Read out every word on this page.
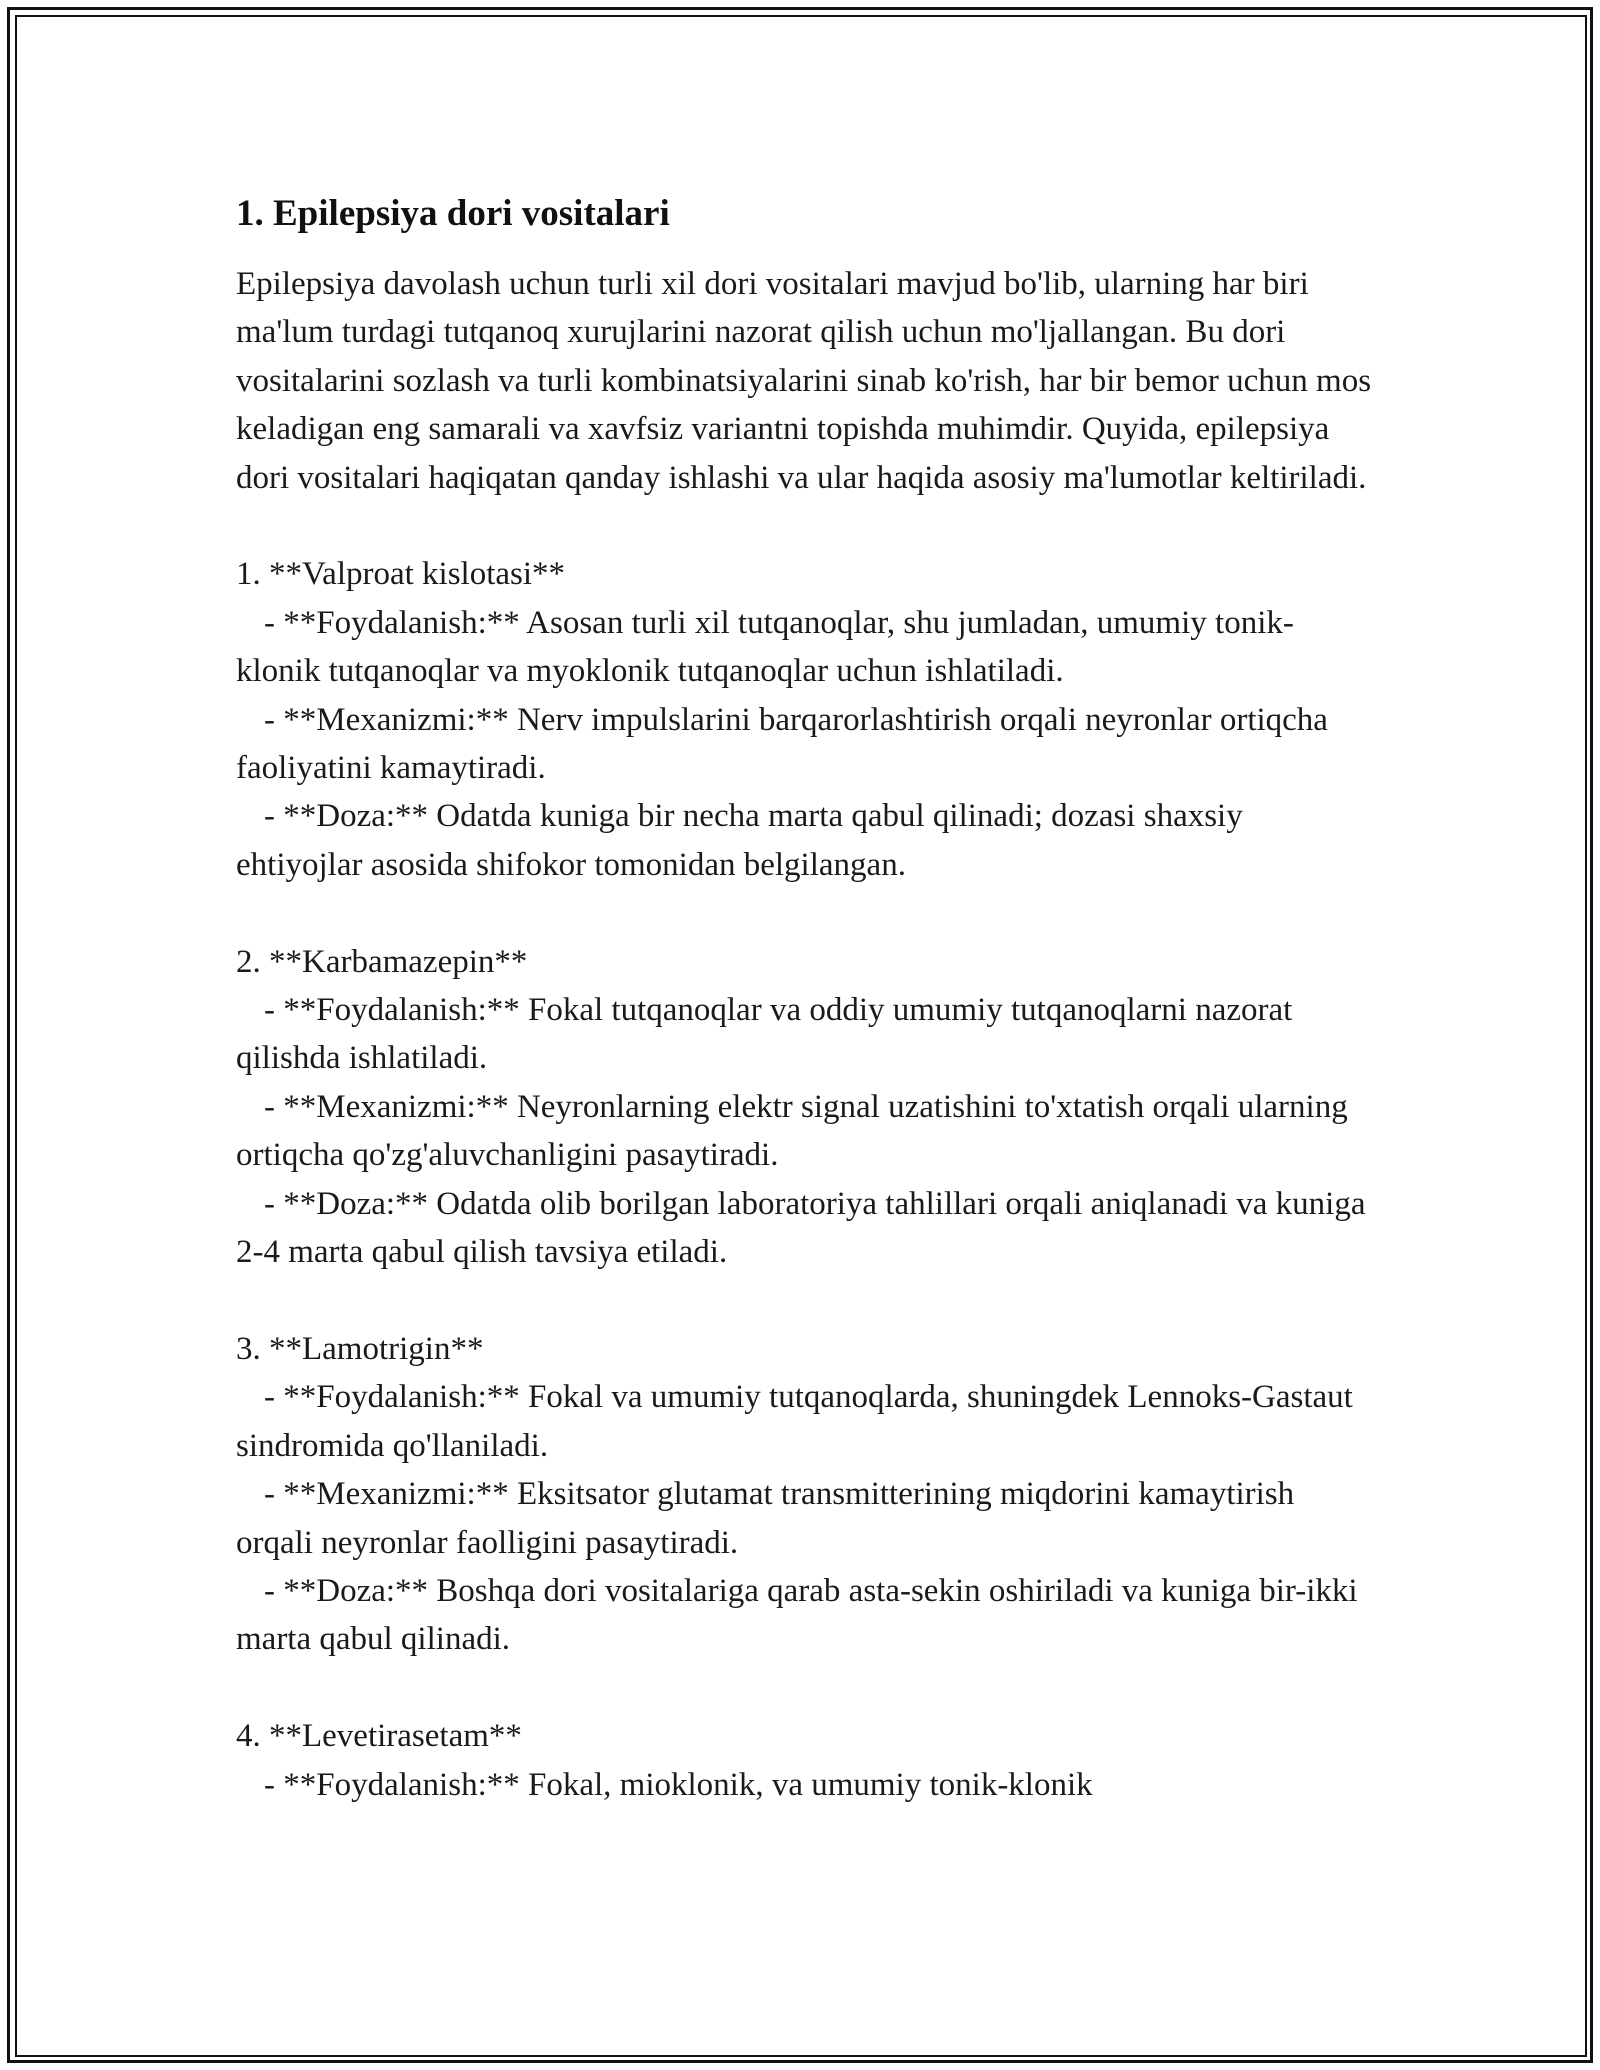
1. Epilepsiya dori vositalari

Epilepsiya davolash uchun turli xil dori vositalari mavjud bo'lib, ularning har biri ma'lum turdagi tutqanoq xurujlarini nazorat qilish uchun mo'ljallangan. Bu dori vositalarini sozlash va turli kombinatsiyalarini sinab ko'rish, har bir bemor uchun mos keladigan eng samarali va xavfsiz variantni topishda muhimdir. Quyida, epilepsiya dori vositalari haqiqatan qanday ishlashi va ular haqida asosiy ma'lumotlar keltiriladi.

1. **Valproat kislotasi**
- **Foydalanish:** Asosan turli xil tutqanoqlar, shu jumladan, umumiy tonik-klonik tutqanoqlar va myoklonik tutqanoqlar uchun ishlatiladi.
- **Mexanizmi:** Nerv impulslarini barqarorlashtirish orqali neyronlar ortiqcha faoliyatini kamaytiradi.
- **Doza:** Odatda kuniga bir necha marta qabul qilinadi; dozasi shaxsiy ehtiyojlar asosida shifokor tomonidan belgilangan.
2. **Karbamazepin**
- **Foydalanish:** Fokal tutqanoqlar va oddiy umumiy tutqanoqlarni nazorat qilishda ishlatiladi.
- **Mexanizmi:** Neyronlarning elektr signal uzatishini to'xtatish orqali ularning ortiqcha qo'zg'aluvchanligini pasaytiradi.
- **Doza:** Odatda olib borilgan laboratoriya tahlillari orqali aniqlanadi va kuniga 2-4 marta qabul qilish tavsiya etiladi.
3. **Lamotrigin**
- **Foydalanish:** Fokal va umumiy tutqanoqlarda, shuningdek Lennoks-Gastaut sindromida qo'llaniladi.
- **Mexanizmi:** Eksitsator glutamat transmitterining miqdorini kamaytirish orqali neyronlar faolligini pasaytiradi.
- **Doza:** Boshqa dori vositalariga qarab asta-sekin oshiriladi va kuniga bir-ikki marta qabul qilinadi.
4. **Levetirasetam**
- **Foydalanish:** Fokal, mioklonik, va umumiy tonik-klonik
